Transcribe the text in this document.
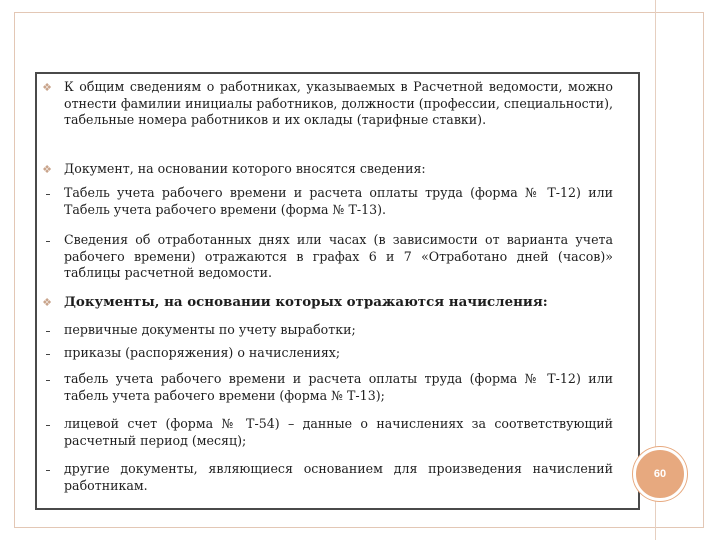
❖ К общим сведениям о работниках, указываемых в Расчетной ведомости, можно отнести фамилии инициалы работников, должности (профессии, специальности), табельные номера работников и их оклады (тарифные ставки).
❖ Документ, на основании которого вносятся сведения:
Табель учета рабочего времени и расчета оплаты труда (форма № Т-12) или Табель учета рабочего времени (форма № Т-13).
Сведения об отработанных днях или часах (в зависимости от варианта учета рабочего времени) отражаются в графах 6 и 7 «Отработано дней (часов)» таблицы расчетной ведомости.
❖ Документы, на основании которых отражаются начисления:
первичные документы по учету выработки;
приказы (распоряжения) о начислениях;
табель учета рабочего времени и расчета оплаты труда (форма № Т-12) или табель учета рабочего времени (форма № Т-13);
лицевой счет (форма № Т-54) – данные о начислениях за соответствующий расчетный период (месяц);
другие документы, являющиеся основанием для произведения начислений работникам.
60
